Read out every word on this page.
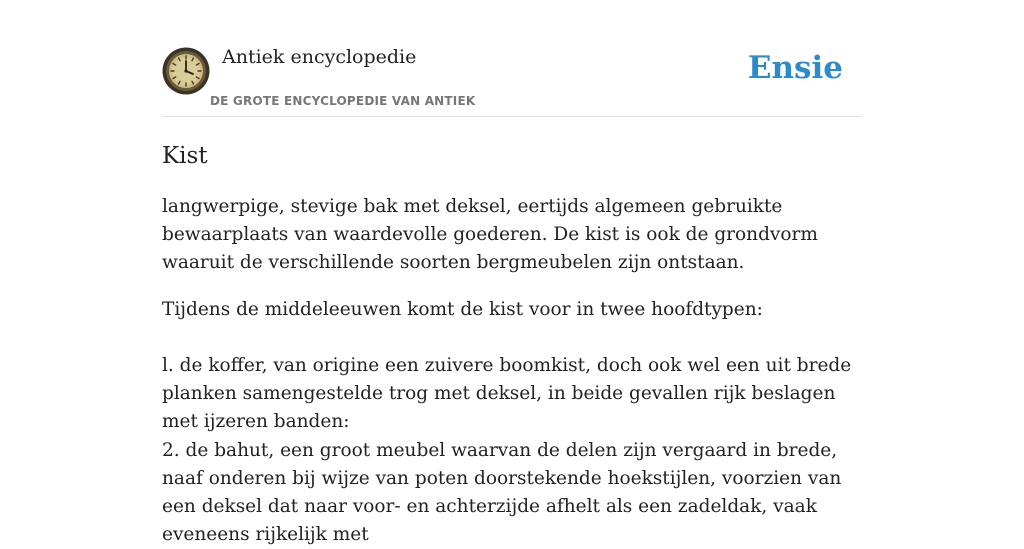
Antiek encyclopedie
DE GROTE ENCYCLOPEDIE VAN ANTIEK
Ensie
Kist

langwerpige, stevige bak met deksel, eertijds algemeen gebruikte bewaarplaats van waardevolle goederen. De kist is ook de grondvorm waaruit de verschillende soorten bergmeubelen zijn ontstaan.

Tijdens de middeleeuwen komt de kist voor in twee hoofdtypen:

l. de koffer, van origine een zuivere boomkist, doch ook wel een uit brede planken samengestelde trog met deksel, in beide gevallen rijk beslagen met ijzeren banden:

2. de bahut, een groot meubel waarvan de delen zijn vergaard in brede, naaf onderen bij wijze van poten doorstekende hoekstijlen, voorzien van een deksel dat naar voor- en achterzijde afhelt als een zadeldak, vaak eveneens rijkelijk met
